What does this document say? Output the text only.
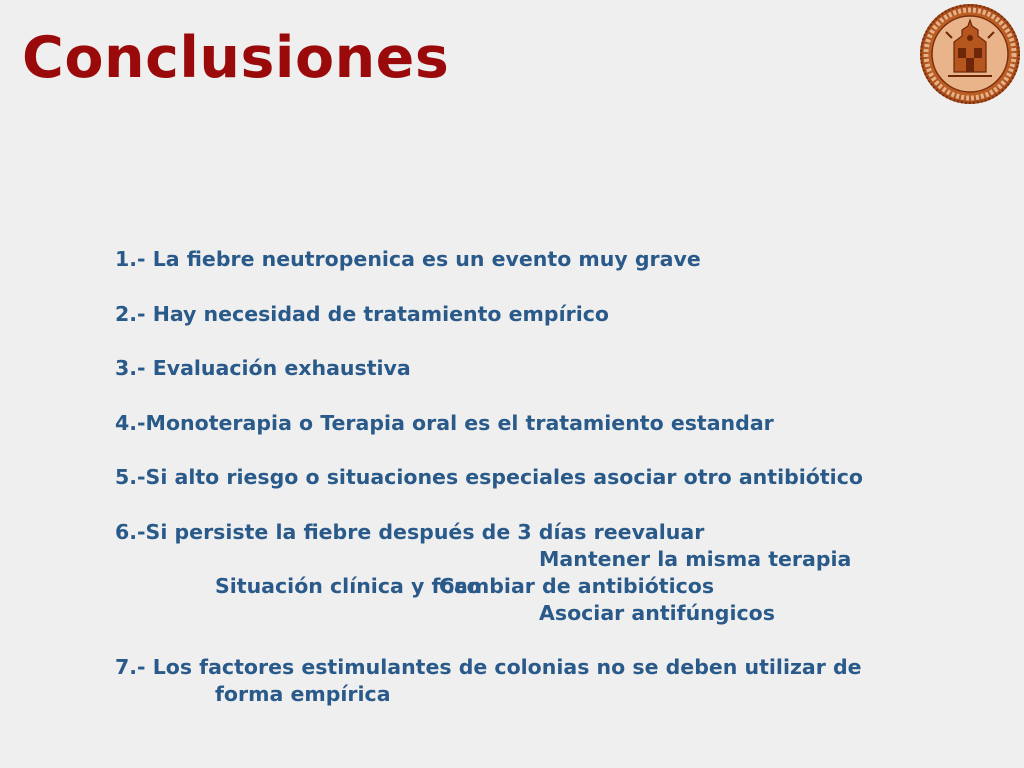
Conclusiones
1.- La fiebre neutropenica es un evento muy grave
2.- Hay necesidad de tratamiento empírico
3.- Evaluación exhaustiva
4.-Monoterapia o Terapia oral es el tratamiento estandar
5.-Si alto riesgo o situaciones especiales asociar otro antibiótico
6.-Si persiste la fiebre después de 3 días reevaluar
Mantener la misma terapia
Situación clínica y focoCambiar de antibióticos
Asociar antifúngicos
7.- Los factores estimulantes de colonias no se deben utilizar de
forma empírica
